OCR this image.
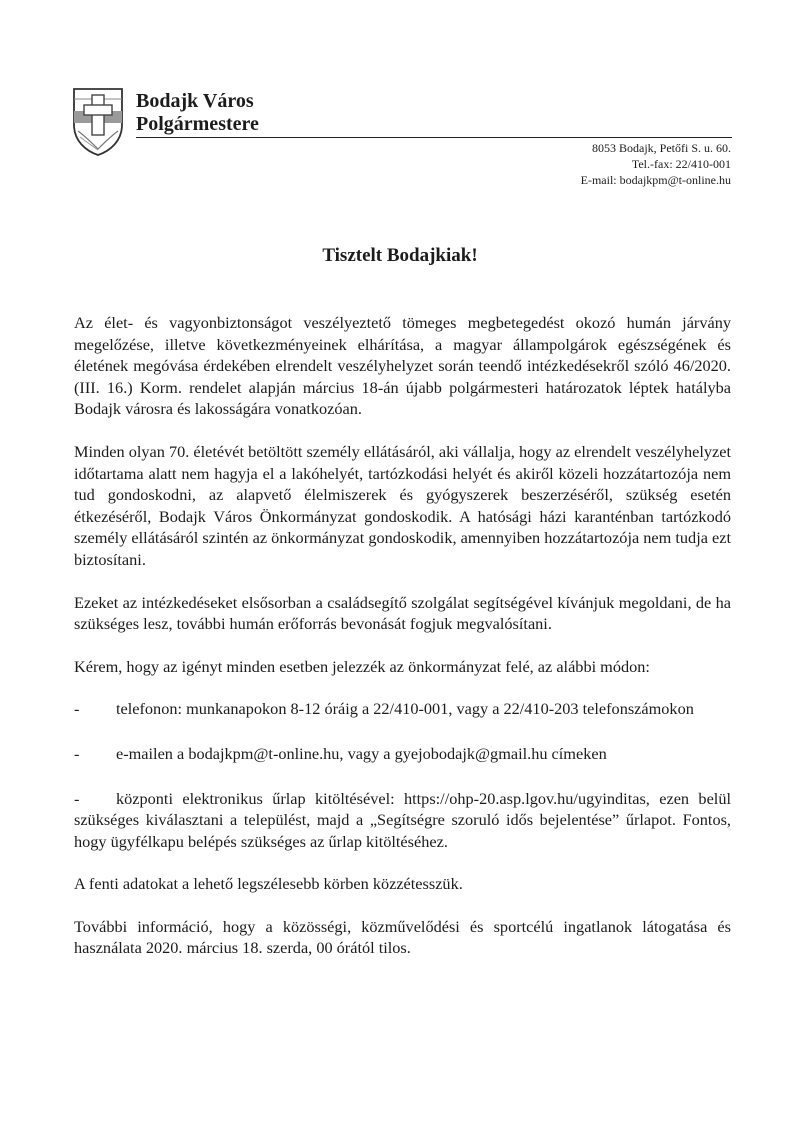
Bodajk Város
Polgármestere
8053 Bodajk, Petőfi S. u. 60.
Tel.-fax: 22/410-001
E-mail: bodajkpm@t-online.hu
Tisztelt Bodajkiak!

Az élet- és vagyonbiztonságot veszélyeztető tömeges megbetegedést okozó humán járvány megelőzése, illetve következményeinek elhárítása, a magyar állampolgárok egészségének és életének megóvása érdekében elrendelt veszélyhelyzet során teendő intézkedésekről szóló 46/2020. (III. 16.) Korm. rendelet alapján március 18-án újabb polgármesteri határozatok léptek hatályba Bodajk városra és lakosságára vonatkozóan.

Minden olyan 70. életévét betöltött személy ellátásáról, aki vállalja, hogy az elrendelt veszélyhelyzet időtartama alatt nem hagyja el a lakóhelyét, tartózkodási helyét és akiről közeli hozzátartozója nem tud gondoskodni, az alapvető élelmiszerek és gyógyszerek beszerzéséről, szükség esetén étkezéséről, Bodajk Város Önkormányzat gondoskodik. A hatósági házi karanténban tartózkodó személy ellátásáról szintén az önkormányzat gondoskodik, amennyiben hozzátartozója nem tudja ezt biztosítani.

Ezeket az intézkedéseket elsősorban a családsegítő szolgálat segítségével kívánjuk megoldani, de ha szükséges lesz, további humán erőforrás bevonását fogjuk megvalósítani.

Kérem, hogy az igényt minden esetben jelezzék az önkormányzat felé, az alábbi módon:

- telefonon: munkanapokon 8-12 óráig a 22/410-001, vagy a 22/410-203 telefonszámokon
- e-mailen a bodajkpm@t-online.hu, vagy a gyejobodajk@gmail.hu címeken
- központi elektronikus űrlap kitöltésével: https://ohp-20.asp.lgov.hu/ugyinditas, ezen belül szükséges kiválasztani a települést, majd a „Segítségre szoruló idős bejelentése” űrlapot. Fontos, hogy ügyfélkapu belépés szükséges az űrlap kitöltéséhez.

A fenti adatokat a lehető legszélesebb körben közzétesszük.

További információ, hogy a közösségi, közművelődési és sportcélú ingatlanok látogatása és használata 2020. március 18. szerda, 00 órától tilos.
